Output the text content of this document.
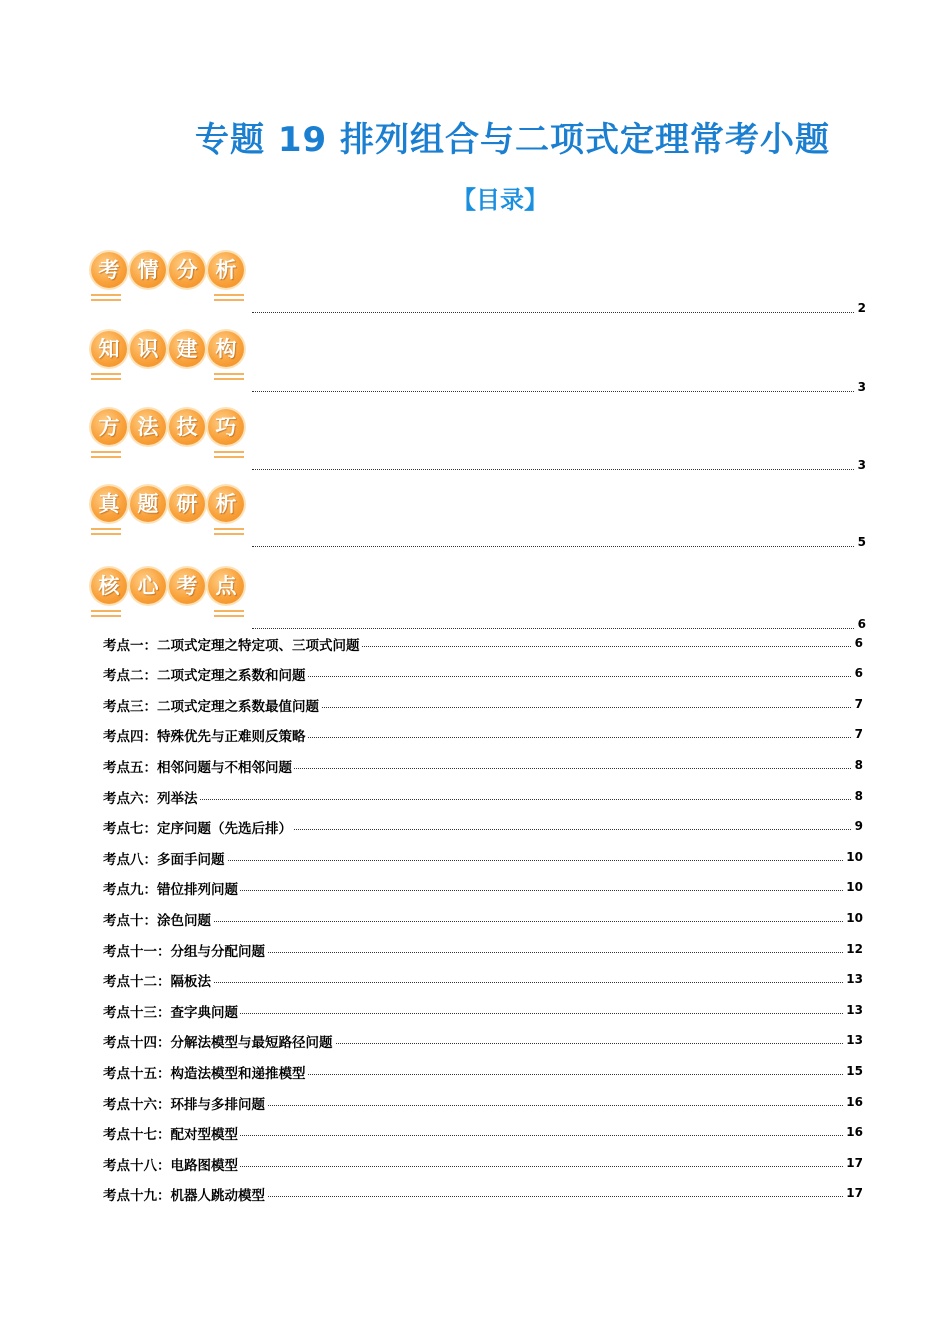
专题 19 排列组合与二项式定理常考小题
【目录】
考 情 分 析
2
知 识 建 构
3
方 法 技 巧
3
真 题 研 析
5
核 心 考 点
6
考点一：二项式定理之特定项、三项式问题	6
考点二：二项式定理之系数和问题	6
考点三：二项式定理之系数最值问题	7
考点四：特殊优先与正难则反策略	7
考点五：相邻问题与不相邻问题	8
考点六：列举法	8
考点七：定序问题（先选后排）	9
考点八：多面手问题	10
考点九：错位排列问题	10
考点十：涂色问题	10
考点十一：分组与分配问题	12
考点十二：隔板法	13
考点十三：查字典问题	13
考点十四：分解法模型与最短路径问题	13
考点十五：构造法模型和递推模型	15
考点十六：环排与多排问题	16
考点十七：配对型模型	16
考点十八：电路图模型	17
考点十九：机器人跳动模型	17
